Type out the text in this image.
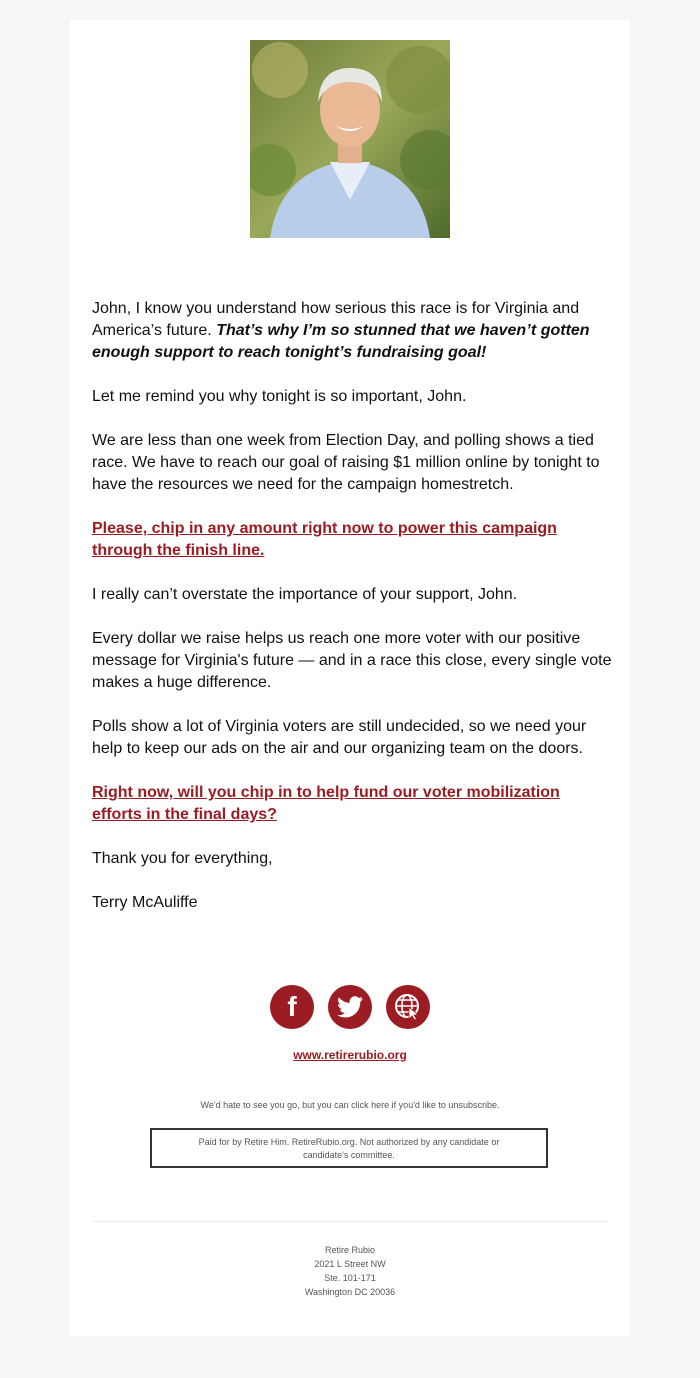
John, I know you understand how serious this race is for Virginia and America’s future. That’s why I’m so stunned that we haven’t gotten enough support to reach tonight’s fundraising goal!

Let me remind you why tonight is so important, John.

We are less than one week from Election Day, and polling shows a tied race. We have to reach our goal of raising $1 million online by tonight to have the resources we need for the campaign homestretch.

Please, chip in any amount right now to power this campaign through the finish line.

I really can’t overstate the importance of your support, John.

Every dollar we raise helps us reach one more voter with our positive message for Virginia's future — and in a race this close, every single vote makes a huge difference.

Polls show a lot of Virginia voters are still undecided, so we need your help to keep our ads on the air and our organizing team on the doors.

Right now, will you chip in to help fund our voter mobilization efforts in the final days?

Thank you for everything,

Terry McAuliffe

f
www.retirerubio.org
We'd hate to see you go, but you can click here if you'd like to unsubscribe.
Paid for by Retire Him. RetireRubio.org. Not authorized by any candidate or candidate's committee.
Retire Rubio
2021 L Street NW
Ste. 101-171
Washington DC 20036
